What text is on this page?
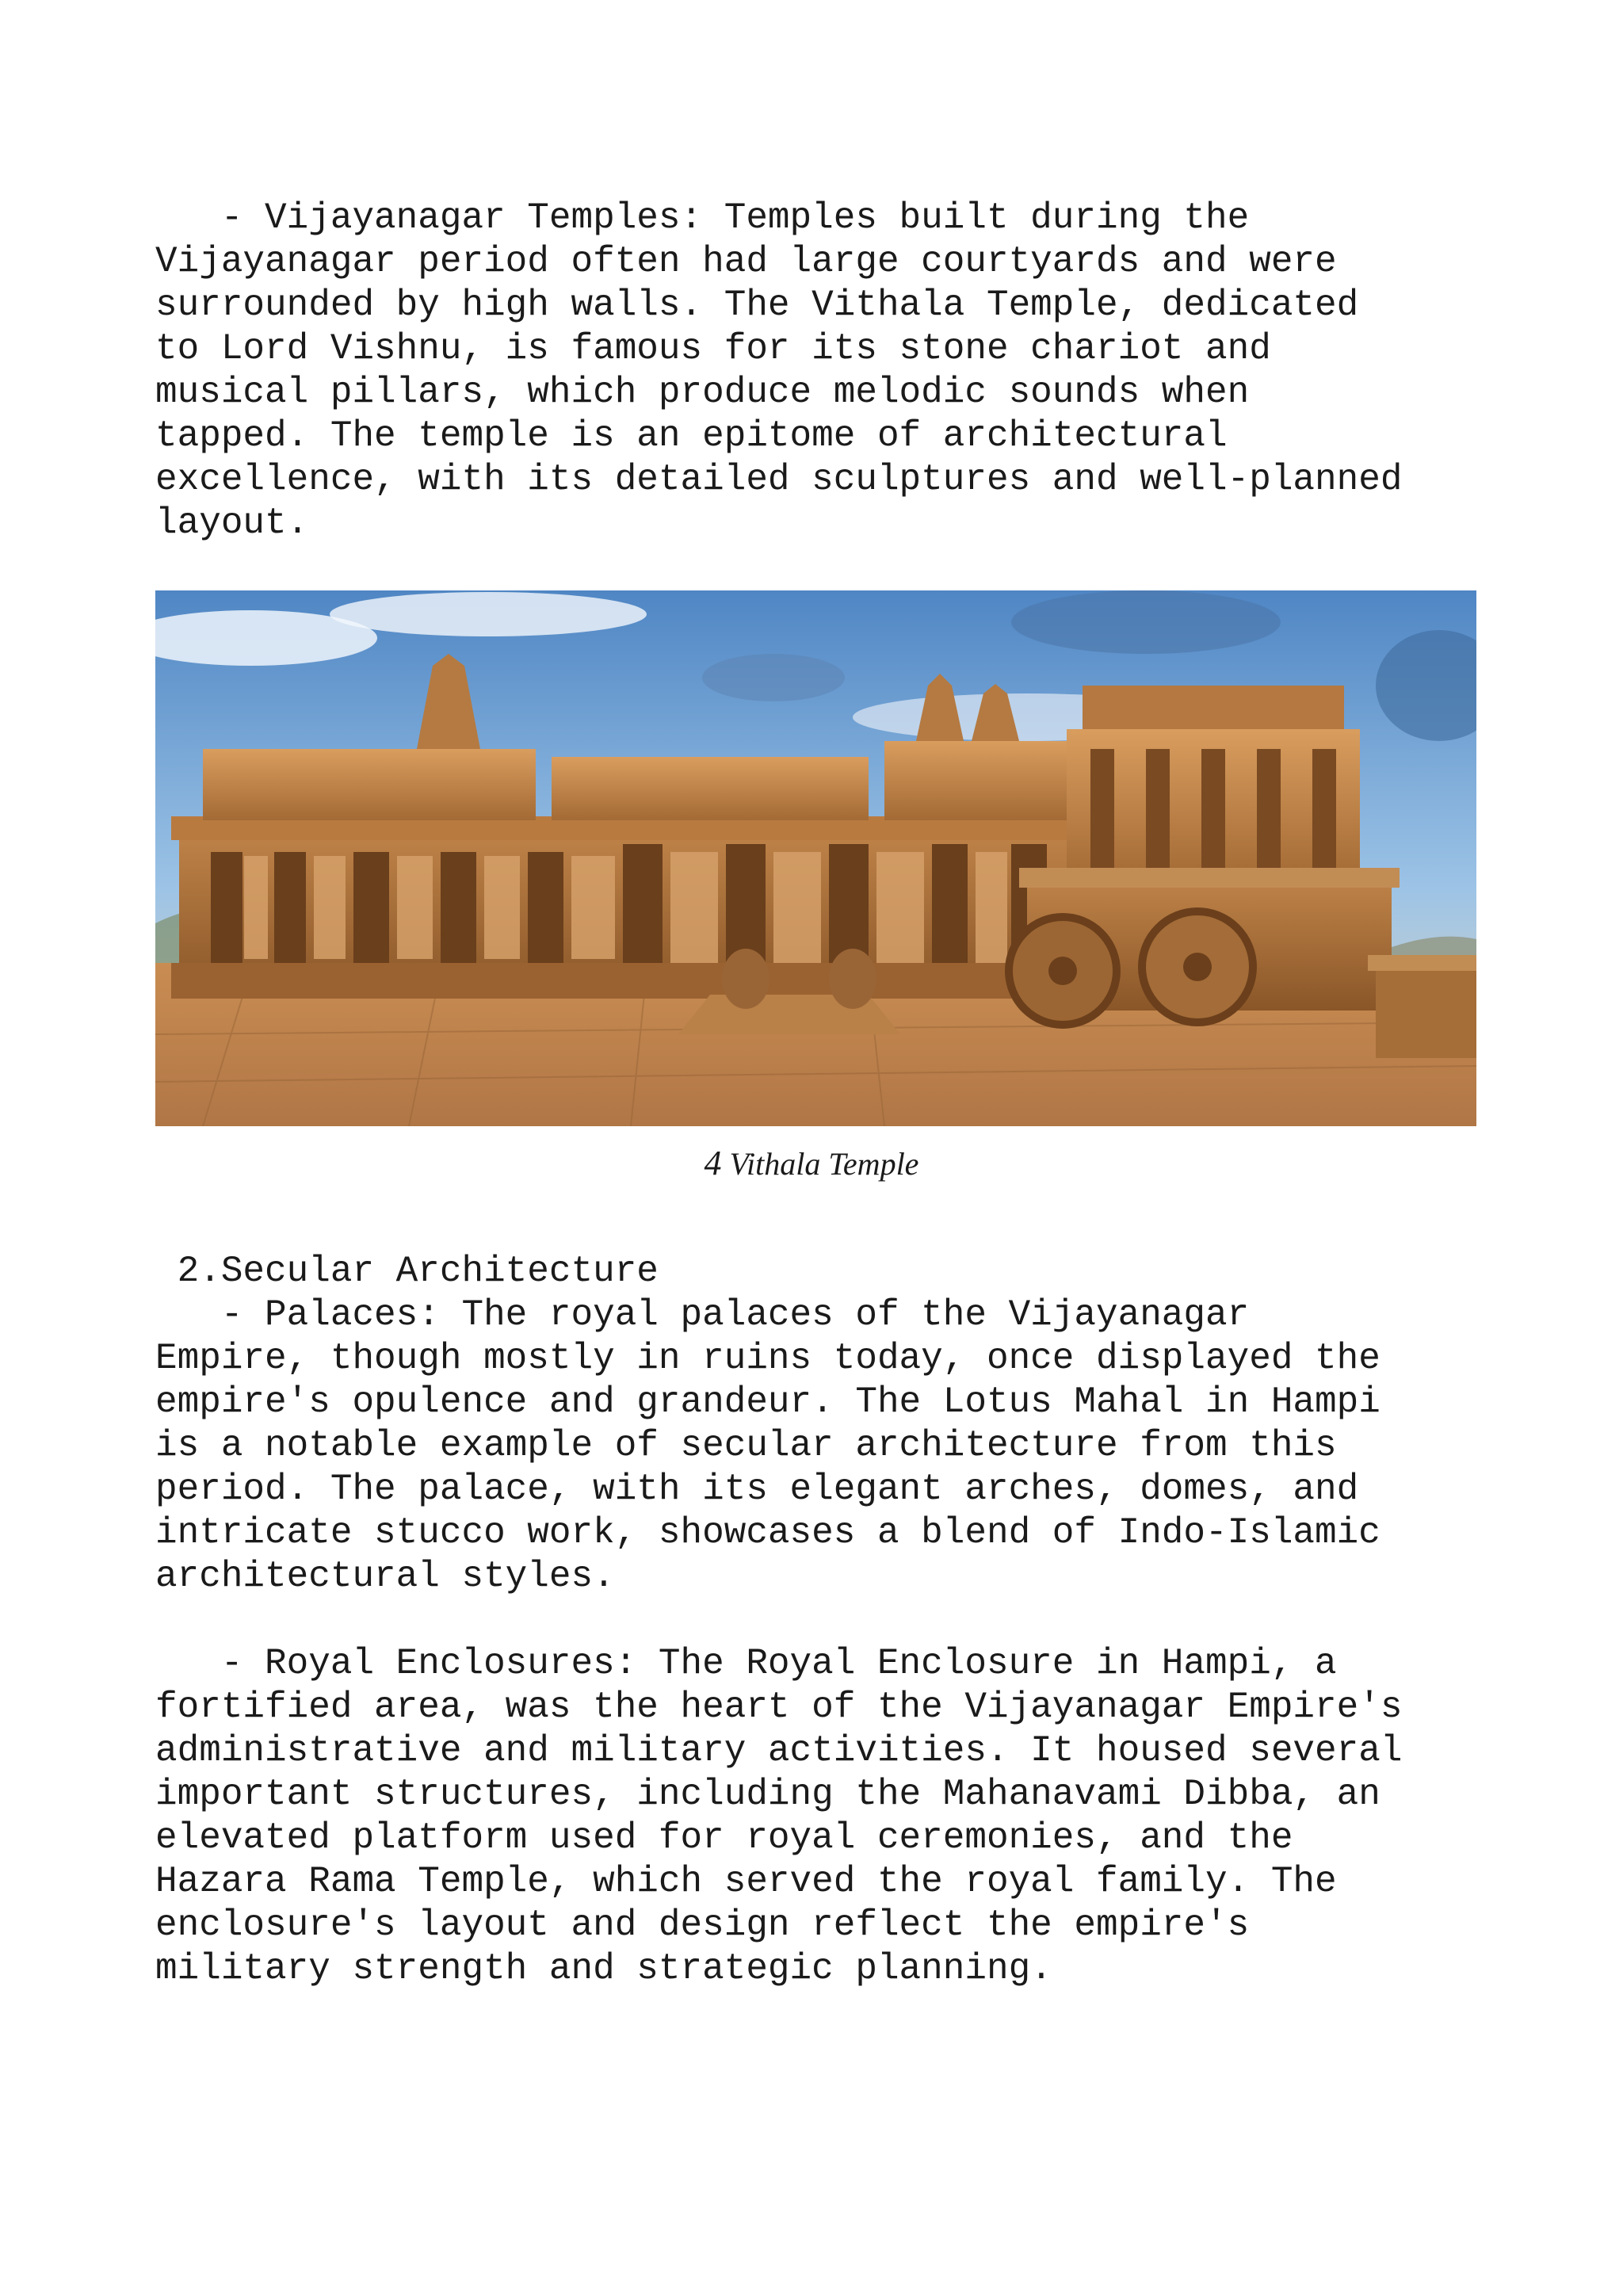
- Vijayanagar Temples: Temples built during the
Vijayanagar period often had large courtyards and were
surrounded by high walls. The Vithala Temple, dedicated
to Lord Vishnu, is famous for its stone chariot and
musical pillars, which produce melodic sounds when
tapped. The temple is an epitome of architectural
excellence, with its detailed sculptures and well-planned
layout.

4 Vithala Temple

2.Secular Architecture

- Palaces: The royal palaces of the Vijayanagar
Empire, though mostly in ruins today, once displayed the
empire's opulence and grandeur. The Lotus Mahal in Hampi
is a notable example of secular architecture from this
period. The palace, with its elegant arches, domes, and
intricate stucco work, showcases a blend of Indo-Islamic
architectural styles.

- Royal Enclosures: The Royal Enclosure in Hampi, a
fortified area, was the heart of the Vijayanagar Empire's
administrative and military activities. It housed several
important structures, including the Mahanavami Dibba, an
elevated platform used for royal ceremonies, and the
Hazara Rama Temple, which served the royal family. The
enclosure's layout and design reflect the empire's
military strength and strategic planning.
